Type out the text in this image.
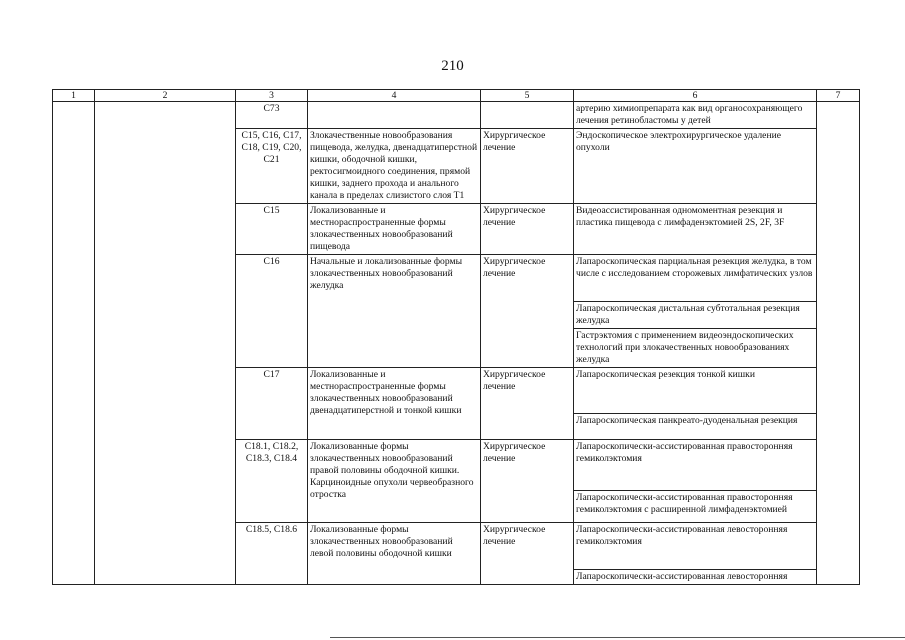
210
1	2	3	4	5	6	7
		C73			артерию химиопрепарата как вид органосохраняющего лечения ретинобластомы у детей	
		C15, C16, C17, C18, C19, C20, C21	Злокачественные новообразования пищевода, желудка, двенадцатиперстной кишки, ободочной кишки, ректосигмоидного соединения, прямой кишки, заднего прохода и анального канала в пределах слизистого слоя T1	Хирургическое лечение	Эндоскопическое электрохирургическое удаление опухоли	
		C15	Локализованные и местнораспространенные формы злокачественных новообразований пищевода	Хирургическое лечение	Видеоассистированная одномоментная резекция и пластика пищевода с лимфаденэктомией 2S, 2F, 3F	
		C16	Начальные и локализованные формы злокачественных новообразований желудка	Хирургическое лечение	Лапароскопическая парциальная резекция желудка, в том числе с исследованием сторожевых лимфатических узлов	
					Лапароскопическая дистальная субтотальная резекция желудка	
					Гастрэктомия с применением видеоэндоскопических технологий при злокачественных новообразованиях желудка	
		C17	Локализованные и местнораспространенные формы злокачественных новообразований двенадцатиперстной и тонкой кишки	Хирургическое лечение	Лапароскопическая резекция тонкой кишки	
					Лапароскопическая панкреато-дуоденальная резекция	
		C18.1, C18.2, C18.3, C18.4	Локализованные формы злокачественных новообразований правой половины ободочной кишки. Карциноидные опухоли червеобразного отростка	Хирургическое лечение	Лапароскопически-ассистированная правосторонняя гемиколэктомия	
					Лапароскопически-ассистированная правосторонняя гемиколэктомия с расширенной лимфаденэктомией	
		C18.5, C18.6	Локализованные формы злокачественных новообразований левой половины ободочной кишки	Хирургическое лечение	Лапароскопически-ассистированная левосторонняя гемиколэктомия	
					Лапароскопически-ассистированная левосторонняя	
